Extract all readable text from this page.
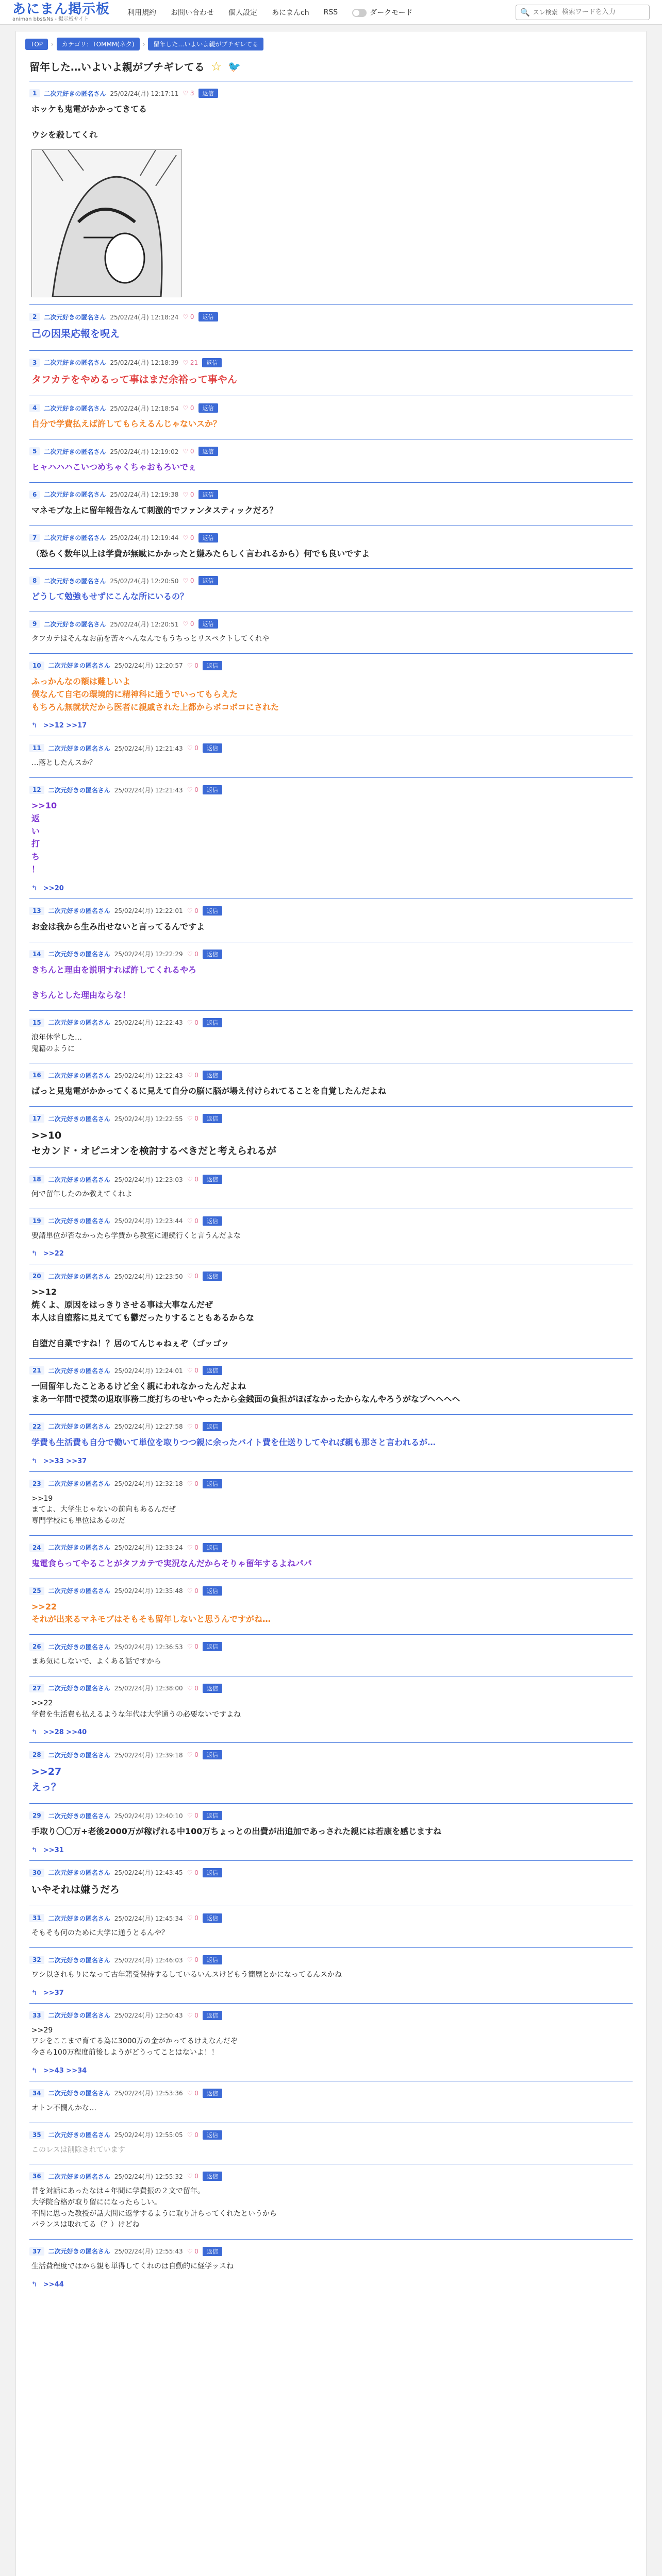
あにまん掲示板
animan bbs&Ns - 掲示板サイト
利用規約 お問い合わせ 個人設定 あにまんch RSS	ダークモード	🔍 スレ検索
検索ワードを入力
TOP	›	カテゴリ：TOMMM(ネタ)	›	留年した…いよいよ親がブチギレてる
留年した…いよいよ親がブチギレてる ☆ 🐦
1	二次元好きの匿名さん 25/02/24(月) 12:17:11 ♡ 3	返信
ホッケも鬼電がかかってきてる

ウシを殺してくれ
2	二次元好きの匿名さん 25/02/24(月) 12:18:24 ♡ 0	返信
己の因果応報を呪え
3	二次元好きの匿名さん 25/02/24(月) 12:18:39 ♡ 21	返信
タフカテをやめるって事はまだ余裕って事やん
4	二次元好きの匿名さん 25/02/24(月) 12:18:54 ♡ 0	返信
自分で学費払えば許してもらえるんじゃないスか？
5	二次元好きの匿名さん 25/02/24(月) 12:19:02 ♡ 0	返信
ヒャハハハこいつめちゃくちゃおもろいでぇ
6	二次元好きの匿名さん 25/02/24(月) 12:19:38 ♡ 0	返信
マネモブな上に留年報告なんて刺激的でファンタスティックだろ？
7	二次元好きの匿名さん 25/02/24(月) 12:19:44 ♡ 0	返信
（恐らく数年以上は学費が無駄にかかったと嫌みたらしく言われるから）何でも良いですよ
8	二次元好きの匿名さん 25/02/24(月) 12:20:50 ♡ 0	返信
どうして勉強もせずにこんな所にいるの？
9	二次元好きの匿名さん 25/02/24(月) 12:20:51 ♡ 0	返信
タフカテはそんなお前を苦々へんなんでもうちっとリスペクトしてくれや
10	二次元好きの匿名さん 25/02/24(月) 12:20:57 ♡ 0	返信
ふっかんなの額は難しいよ
僕なんて自宅の環境的に精神科に通うでいってもらえた
もちろん無就状だから医者に親戚された上都からボコボコにされた
↰ >>12 >>17
11	二次元好きの匿名さん 25/02/24(月) 12:21:43 ♡ 0	返信
…落としたんスか？
12	二次元好きの匿名さん 25/02/24(月) 12:21:43 ♡ 0	返信
>>10
返
い
打
ち
！
↰ >>20
13	二次元好きの匿名さん 25/02/24(月) 12:22:01 ♡ 0	返信
お金は我から生み出せないと言ってるんですよ
14	二次元好きの匿名さん 25/02/24(月) 12:22:29 ♡ 0	返信
きちんと理由を説明すれば許してくれるやろ

きちんとした理由ならな！
15	二次元好きの匿名さん 25/02/24(月) 12:22:43 ♡ 0	返信
浪年休学した…
鬼籍のように
16	二次元好きの匿名さん 25/02/24(月) 12:22:43 ♡ 0	返信
ばっと見鬼電がかかってくるに見えて自分の脳に脳が場え付けられてることを自覚したんだよね
17	二次元好きの匿名さん 25/02/24(月) 12:22:55 ♡ 0	返信
>>10
セカンド・オピニオンを検討するべきだと考えられるが
18	二次元好きの匿名さん 25/02/24(月) 12:23:03 ♡ 0	返信
何で留年したのか教えてくれよ
19	二次元好きの匿名さん 25/02/24(月) 12:23:44 ♡ 0	返信
要請単位が否なかったら学費から教室に連続行くと言うんだよな
↰ >>22
20	二次元好きの匿名さん 25/02/24(月) 12:23:50 ♡ 0	返信
>>12
焼くよ、原因をはっきりさせる事は大事なんだぜ
本人は自堕落に見えてても鬱だったりすることもあるからな

自堕だ自業ですね！？居のてんじゃねぇぞ（ゴッゴッ
21	二次元好きの匿名さん 25/02/24(月) 12:24:01 ♡ 0	返信
一回留年したことあるけど全く親にわれなかったんだよね
まあ一年間で授業の退取事務二度打ちのせいやったから金銭面の負担がほぼなかったからなんやろうがなブヘヘヘヘ
22	二次元好きの匿名さん 25/02/24(月) 12:27:58 ♡ 0	返信
学費も生活費も自分で働いて単位を取りつつ親に余ったバイト費を仕送りしてやれば親も那さと言われるが…
↰ >>33 >>37
23	二次元好きの匿名さん 25/02/24(月) 12:32:18 ♡ 0	返信
>>19
まてよ、大学生じゃないの前向もあるんだぜ
専門学校にも単位はあるのだ
24	二次元好きの匿名さん 25/02/24(月) 12:33:24 ♡ 0	返信
鬼電食らってやることがタフカテで実況なんだからそりゃ留年するよねパパ
25	二次元好きの匿名さん 25/02/24(月) 12:35:48 ♡ 0	返信
>>22
それが出来るマネモブはそもそも留年しないと思うんですがね…
26	二次元好きの匿名さん 25/02/24(月) 12:36:53 ♡ 0	返信
まあ気にしないで、よくある話ですから
27	二次元好きの匿名さん 25/02/24(月) 12:38:00 ♡ 0	返信
>>22
学費を生活費も払えるような年代は大学通うの必要ないですよね
↰ >>28 >>40
28	二次元好きの匿名さん 25/02/24(月) 12:39:18 ♡ 0	返信
>>27
えっ？
29	二次元好きの匿名さん 25/02/24(月) 12:40:10 ♡ 0	返信
手取り〇〇万+老後2000万が稼げれる中100万ちょっとの出費が出追加であっされた親には若康を感じますね
↰ >>31
30	二次元好きの匿名さん 25/02/24(月) 12:43:45 ♡ 0	返信
いやそれは嫌うだろ
31	二次元好きの匿名さん 25/02/24(月) 12:45:34 ♡ 0	返信
そもそも何のために大学に通うとるんや？
32	二次元好きの匿名さん 25/02/24(月) 12:46:03 ♡ 0	返信
ワシ以されもりになって古年籍受保持するしているいんスけどもう簡歴とかになってるんスかね
↰ >>37
33	二次元好きの匿名さん 25/02/24(月) 12:50:43 ♡ 0	返信
>>29
ワシをここまで育てる為に3000万の金がかってるけえなんだぞ
今さら100万程度前後しようがどうってことはないよ！！
↰ >>43 >>34
34	二次元好きの匿名さん 25/02/24(月) 12:53:36 ♡ 0	返信
オトン不憫んかな…
35	二次元好きの匿名さん 25/02/24(月) 12:55:05 ♡ 0	返信
このレスは削除されています
36	二次元好きの匿名さん 25/02/24(月) 12:55:32 ♡ 0	返信
昔を対話にあったなは４年間に学費振の２文で留年。
大学院合格が取り留にになったらしい。
不問に思った教授が話大問に返学するように取り計らってくれたというから
バランスは取れてる（？）けどね
37	二次元好きの匿名さん 25/02/24(月) 12:55:43 ♡ 0	返信
生活費程度ではから親も単得してくれのは自動的に経学ッスね
↰ >>44
